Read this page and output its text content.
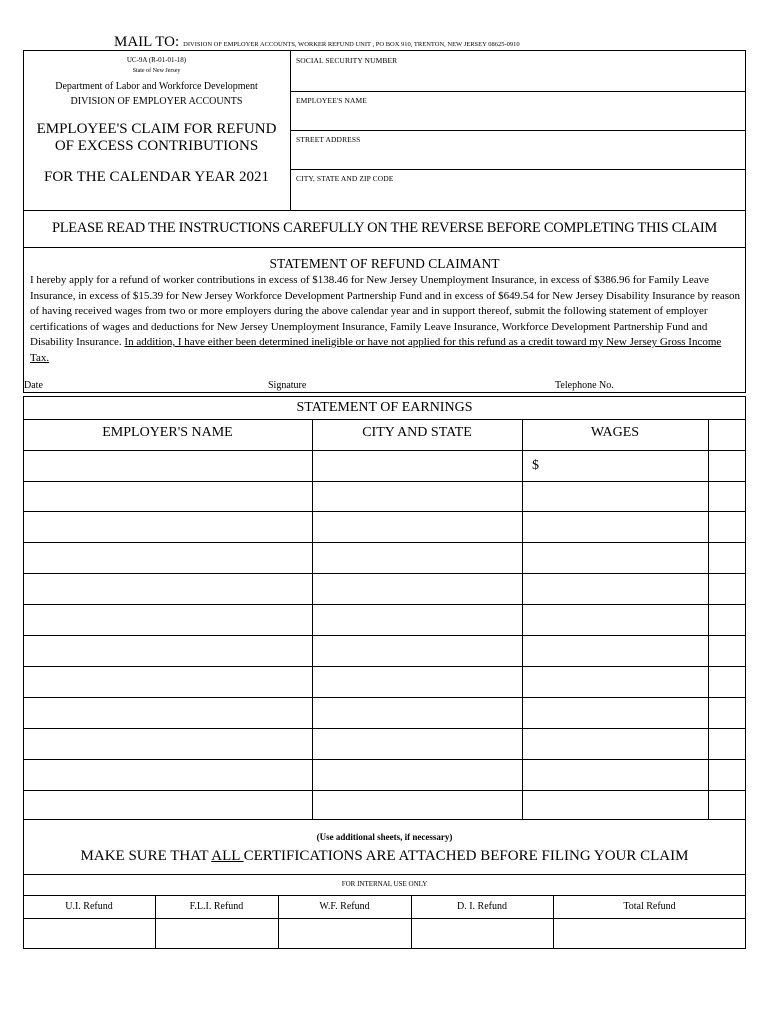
MAIL TO: DIVISION OF EMPLOYER ACCOUNTS, WORKER REFUND UNIT , PO BOX 910, TRENTON, NEW JERSEY 08625-0910
UC-9A (R-01-01-18)
State of New Jersey
Department of Labor and Workforce Development
DIVISION OF EMPLOYER ACCOUNTS
EMPLOYEE'S CLAIM FOR REFUND
OF EXCESS CONTRIBUTIONS
FOR THE CALENDAR YEAR 2021
SOCIAL SECURITY NUMBER
EMPLOYEE'S NAME
STREET ADDRESS
CITY, STATE AND ZIP CODE
PLEASE READ THE INSTRUCTIONS CAREFULLY ON THE REVERSE BEFORE COMPLETING THIS CLAIM
STATEMENT OF REFUND CLAIMANT
I hereby apply for a refund of worker contributions in excess of $138.46 for New Jersey Unemployment Insurance, in excess of $386.96 for Family Leave Insurance, in excess of $15.39 for New Jersey Workforce Development Partnership Fund and in excess of $649.54 for New Jersey Disability Insurance by reason of having received wages from two or more employers during the above calendar year and in support thereof, submit the following statement of employer certifications of wages and deductions for New Jersey Unemployment Insurance, Family Leave Insurance, Workforce Development Partnership Fund and Disability Insurance. In addition, I have either been determined ineligible or have not applied for this refund as a credit toward my New Jersey Gross Income Tax.
Date	Signature	Telephone No.
STATEMENT OF EARNINGS
EMPLOYER'S NAME	CITY AND STATE	WAGES
$
(Use additional sheets, if necessary)
MAKE SURE THAT ALL CERTIFICATIONS ARE ATTACHED BEFORE FILING YOUR CLAIM
FOR INTERNAL USE ONLY
U.I. Refund	F.L.I. Refund	W.F. Refund	D. I. Refund	Total Refund
